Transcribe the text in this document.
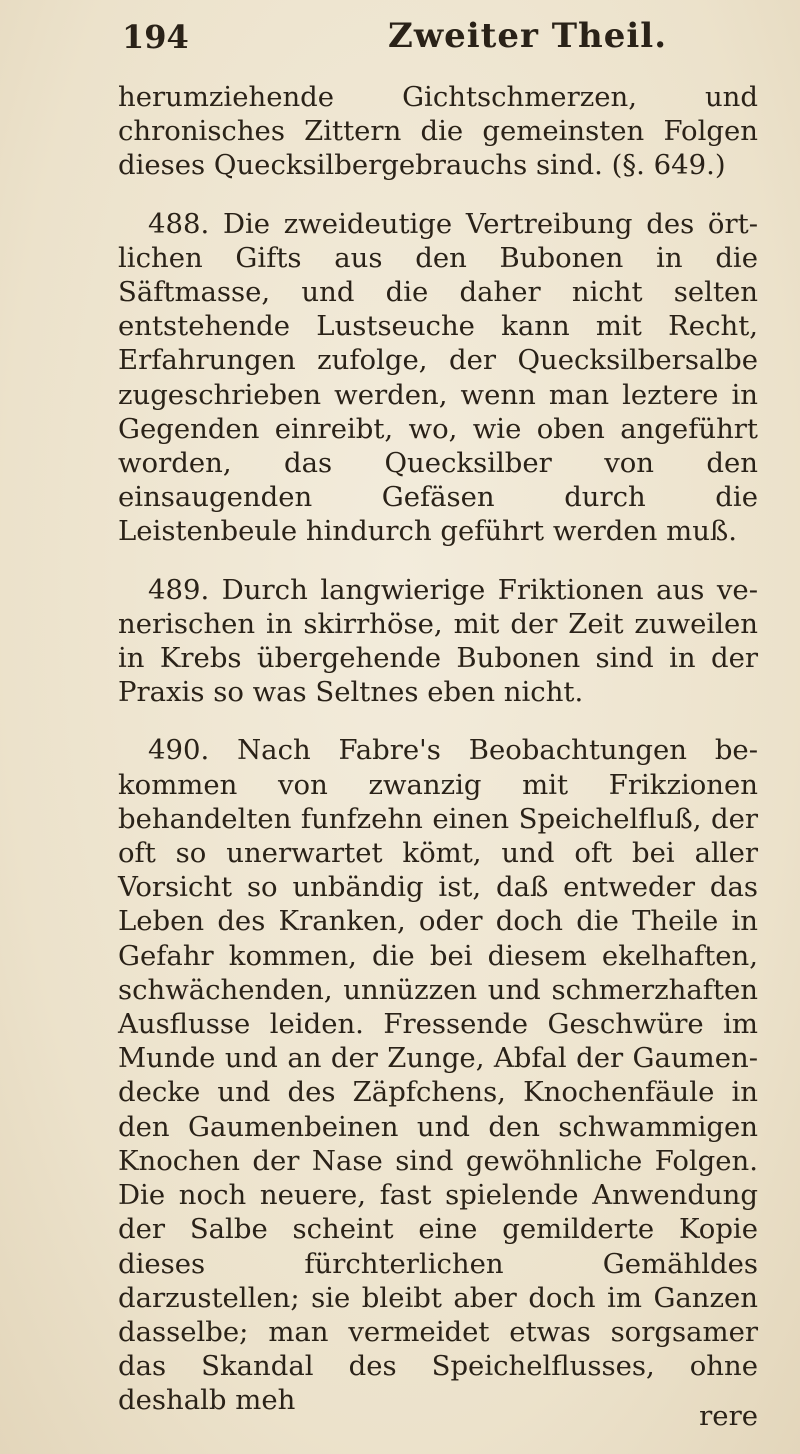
194	Zweiter Theil.

herumziehende Gichtschmerzen, und chronisches Zittern die gemeinsten Folgen dieses Quecksilbergebrauchs sind. (§. 649.)

488. Die zweideutige Vertreibung des örtlichen Gifts aus den Bubonen in die Säftmasse, und die daher nicht selten entstehende Lustseuche kann mit Recht, Erfahrungen zufolge, der Quecksilbersalbe zugeschrieben werden, wenn man leztere in Gegenden einreibt, wo, wie oben angeführt worden, das Quecksilber von den einsaugenden Gefäsen durch die Leistenbeule hindurch geführt werden muß.

489. Durch langwierige Friktionen aus venerischen in skirrhöse, mit der Zeit zuweilen in Krebs übergehende Bubonen sind in der Praxis so was Seltnes eben nicht.

490. Nach Fabre's Beobachtungen bekommen von zwanzig mit Frikzionen behandelten funfzehn einen Speichelfluß, der oft so unerwartet kömt, und oft bei aller Vorsicht so unbändig ist, daß entweder das Leben des Kranken, oder doch die Theile in Gefahr kommen, die bei diesem ekelhaften, schwächenden, unnüzzen und schmerzhaften Ausflusse leiden. Fressende Geschwüre im Munde und an der Zunge, Abfal der Gaumendecke und des Zäpfchens, Knochenfäule in den Gaumenbeinen und den schwammigen Knochen der Nase sind gewöhnliche Folgen. Die noch neuere, fast spielende Anwendung der Salbe scheint eine gemilderte Kopie dieses fürchterlichen Gemähldes darzustellen; sie bleibt aber doch im Ganzen dasselbe; man vermeidet etwas sorgsamer das Skandal des Speichelflusses, ohne deshalb meh	rere
